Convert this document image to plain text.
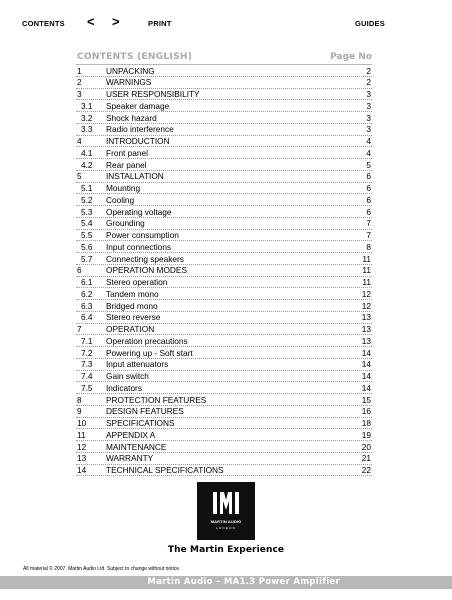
CONTENTS < >	PRINT	GUIDES
CONTENTS (ENGLISH)	Page No
1	UNPACKING	2
2	WARNINGS	2
3	USER RESPONSIBILITY	3
3.1 Speaker damage	3
3.2 Shock hazard	3
3.3 Radio interference	3
4	INTRODUCTION	4
4.1 Front panel	4
4.2 Rear panel	5
5	INSTALLATION	6
5.1 Mounting	6
5.2 Cooling	6
5.3 Operating voltage	6
5.4 Grounding	7
5.5 Power consumption	7
5.6 Input connections	8
5.7 Connecting speakers	11
6	OPERATION MODES	11
6.1 Stereo operation	11
6.2 Tandem mono	12
6.3 Bridged mono	12
6.4 Stereo reverse	13
7	OPERATION	13
7.1 Operation precautions	13
7.2 Powering up - Soft start	14
7.3 Input attenuators	14
7.4 Gain switch	14
7.5 Indicators	14
8	PROTECTION FEATURES	15
9	DESIGN FEATURES	16
10 SPECIFICATIONS	18
11 APPENDIX A	19
12 MAINTENANCE	20
13 WARRANTY	21
14 TECHNICAL SPECIFICATIONS	22
MARTIN AUDIO
LONDON
The Martin Experience
All material © 2007. Martin Audio Ltd. Subject to change without notice.
Martin Audio – MA1.3 Power Amplifier
